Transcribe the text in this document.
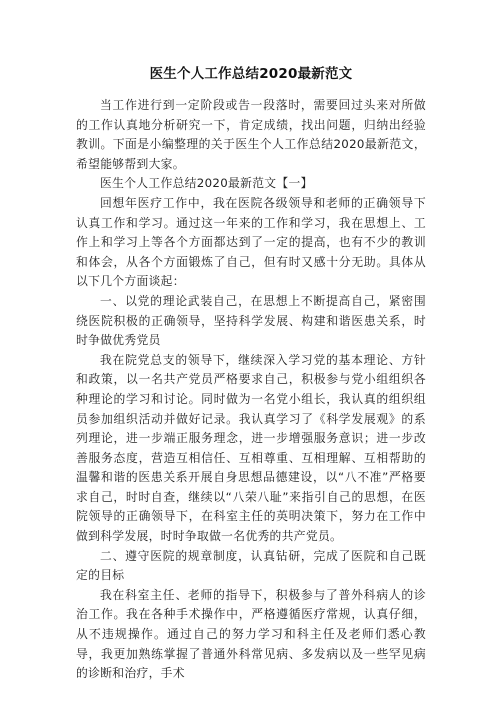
医生个人工作总结2020最新范文

当工作进行到一定阶段或告一段落时，需要回过头来对所做的工作认真地分析研究一下，肯定成绩，找出问题，归纳出经验教训。下面是小编整理的关于医生个人工作总结2020最新范文，希望能够帮到大家。

医生个人工作总结2020最新范文【一】

回想年医疗工作中，我在医院各级领导和老师的正确领导下认真工作和学习。通过这一年来的工作和学习，我在思想上、工作上和学习上等各个方面都达到了一定的提高，也有不少的教训和体会，从各个方面锻炼了自己，但有时又感十分无助。具体从以下几个方面谈起：

一、以党的理论武装自己，在思想上不断提高自己，紧密围绕医院积极的正确领导，坚持科学发展、构建和谐医患关系，时时争做优秀党员

我在院党总支的领导下，继续深入学习党的基本理论、方针和政策，以一名共产党员严格要求自己，积极参与党小组组织各种理论的学习和讨论。同时做为一名党小组长，我认真的组织组员参加组织活动并做好记录。我认真学习了《科学发展观》的系列理论，进一步端正服务理念，进一步增强服务意识；进一步改善服务态度，营造互相信任、互相尊重、互相理解、互相帮助的温馨和谐的医患关系开展自身思想品德建设，以“八不准”严格要求自己，时时自查，继续以“八荣八耻”来指引自己的思想，在医院领导的正确领导下，在科室主任的英明决策下，努力在工作中做到科学发展，时时争取做一名优秀的共产党员。

二、遵守医院的规章制度，认真钻研，完成了医院和自己既定的目标

我在科室主任、老师的指导下，积极参与了普外科病人的诊治工作。我在各种手术操作中，严格遵循医疗常规，认真仔细，从不违规操作。通过自己的努力学习和科主任及老师们悉心教导，我更加熟练掌握了普通外科常见病、多发病以及一些罕见病的诊断和治疗，手术
